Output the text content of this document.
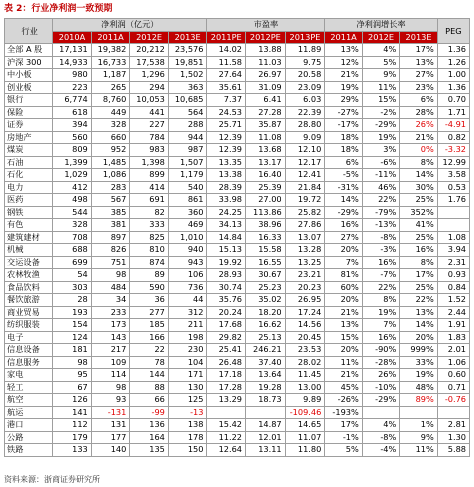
表 2：行业净利润一致预期
行业	净利润（亿元）				市盈率			净利润增长率			PEG
	2010A	2011A	2012E	2013E	2011PE	2012PE	2013PE	2011A	2012E	2013E	
全部 A 股	17,131	19,382	20,212	23,576	14.02	13.88	11.89	13%	4%	17%	1.36
沪深 300	14,933	16,733	17,538	19,851	11.58	11.03	9.75	12%	5%	13%	1.26
中小板	980	1,187	1,296	1,502	27.64	26.97	20.58	21%	9%	27%	1.00
创业板	223	265	294	363	35.61	31.09	23.09	19%	11%	23%	1.36
银行	6,774	8,760	10,053	10,685	7.37	6.41	6.03	29%	15%	6%	0.70
保险	618	449	441	564	24.53	27.28	22.39	-27%	-2%	28%	1.71
证券	394	328	227	288	25.71	35.87	28.80	-17%	-29%	26%	-4.91
房地产	560	660	784	944	12.39	11.08	9.09	18%	19%	21%	0.82
煤炭	809	952	983	987	12.39	13.68	12.10	18%	3%	0%	-3.32
石油	1,399	1,485	1,398	1,507	13.35	13.17	12.17	6%	-6%	8%	12.99
石化	1,029	1,086	899	1,179	13.38	16.40	12.41	-5%	-11%	14%	3.58
电力	412	283	414	540	28.39	25.39	21.84	-31%	46%	30%	0.53
医药	498	567	691	861	33.98	27.00	19.72	14%	22%	25%	1.76
钢铁	544	385	82	360	24.25	113.86	25.82	-29%	-79%	352%	
有色	328	381	333	469	34.13	38.96	27.86	16%	-13%	41%	
建筑建材	708	897	825	1,010	14.84	16.33	13.07	27%	-8%	25%	1.08
机械	688	826	810	940	15.13	15.58	13.28	20%	-3%	16%	3.94
交运设备	699	751	874	943	19.92	16.55	13.25	7%	16%	8%	2.31
农林牧渔	54	98	89	106	28.93	30.67	23.21	81%	-7%	17%	0.93
食品饮料	303	484	590	736	30.74	25.23	20.23	60%	22%	25%	0.84
餐饮旅游	28	34	36	44	35.76	35.02	26.95	20%	8%	22%	1.52
商业贸易	193	233	277	312	20.24	18.20	17.24	21%	19%	13%	2.44
纺织服装	154	173	185	211	17.68	16.62	14.56	13%	7%	14%	1.91
电子	124	143	166	198	29.82	25.13	20.45	15%	16%	20%	1.83
信息设备	181	217	22	230	25.41	246.21	23.53	20%	-90%	999%	2.01
信息服务	98	109	78	104	26.48	37.40	28.02	11%	-28%	33%	1.06
家电	95	114	144	171	17.18	13.64	11.45	21%	26%	19%	0.60
轻工	67	98	88	130	17.28	19.28	13.00	45%	-10%	48%	0.71
航空	126	93	66	125	13.29	18.73	9.89	-26%	-29%	89%	-0.76
航运	141	-131	-99	-13			-109.46	-193%			
港口	112	131	136	138	15.42	14.87	14.65	17%	4%	1%	2.81
公路	179	177	164	178	11.22	12.01	11.07	-1%	-8%	9%	1.30
铁路	133	140	135	150	12.64	13.11	11.80	5%	-4%	11%	5.88
资料来源：浙商证券研究所
